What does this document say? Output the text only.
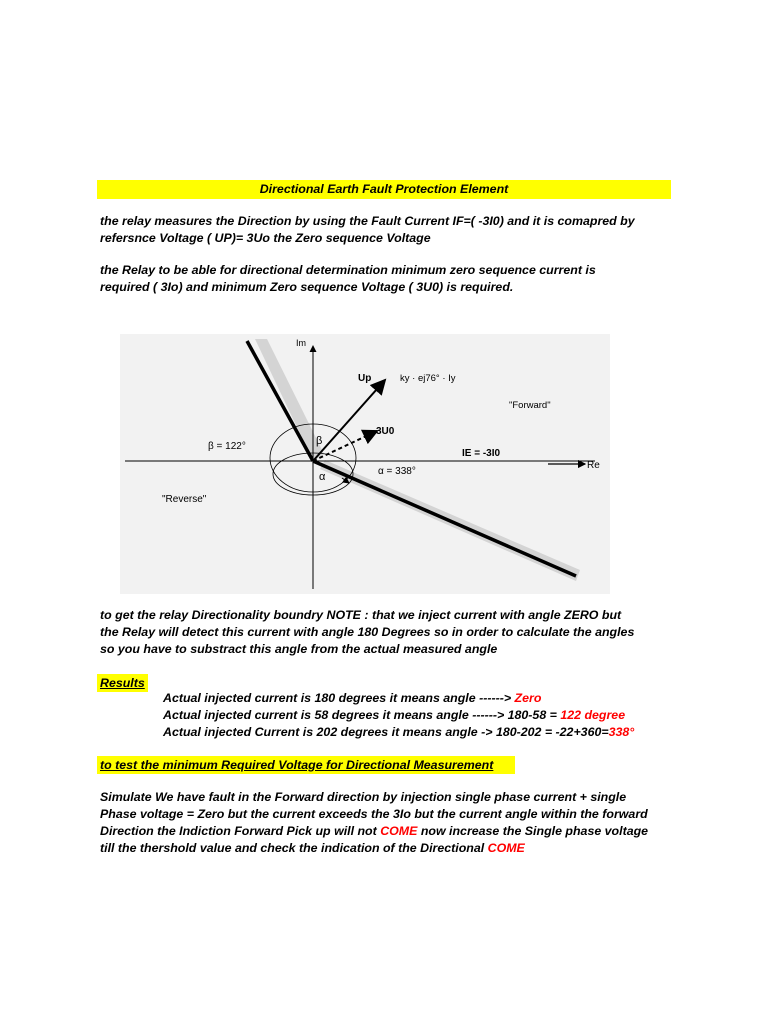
Directional Earth Fault Protection Element
the relay measures the Direction by using the Fault Current IF=( -3I0) and it is comapred by
refersnce Voltage ( UP)= 3Uo the Zero sequence Voltage
the Relay to be able for directional determination minimum zero sequence current is
required ( 3Io) and minimum Zero sequence Voltage ( 3U0) is required.
Im
Re
Up	ky · ej76° · Iy
"Forward"
3U0
IE = -3I0
β = 122°	β
α = 338°
α
"Reverse"
to get the relay Directionality boundry NOTE : that we inject current with angle ZERO but
the Relay will detect this current with angle 180 Degrees so in order to calculate the angles
so you have to substract this angle from the actual measured angle
Results
Actual injected current is 180 degrees it means angle ------> Zero
Actual injected current is 58 degrees it means angle ------> 180-58 = 122 degree
Actual injected Current is 202 degrees it means angle -> 180-202 = -22+360=338°
to test the minimum Required Voltage for Directional Measurement
Simulate We have fault in the Forward direction by injection single phase current + single
Phase voltage = Zero but the current exceeds the 3Io but the current angle within the forward
Direction the Indiction Forward Pick up will not COME now increase the Single phase voltage
till the thershold value and check the indication of the Directional COME
